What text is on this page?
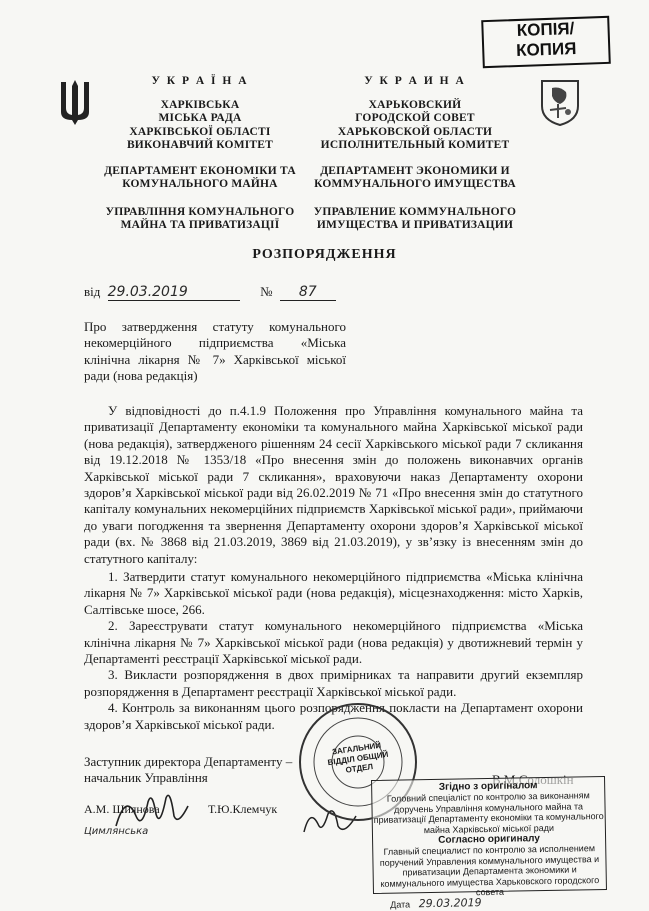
КОПІЯ/
КОПИЯ
У К Р А Ї Н А
ХАРКІВСЬКА
МІСЬКА РАДА
ХАРКІВСЬКОЇ ОБЛАСТІ
ВИКОНАВЧИЙ КОМІТЕТ
ДЕПАРТАМЕНТ ЕКОНОМІКИ ТА
КОМУНАЛЬНОГО МАЙНА
УПРАВЛІННЯ КОМУНАЛЬНОГО
МАЙНА ТА ПРИВАТИЗАЦІЇ
У К Р А И Н А
ХАРЬКОВСКИЙ
ГОРОДСКОЙ СОВЕТ
ХАРЬКОВСКОЙ ОБЛАСТИ
ИСПОЛНИТЕЛЬНЫЙ КОМИТЕТ
ДЕПАРТАМЕНТ ЭКОНОМИКИ И
КОММУНАЛЬНОГО ИМУЩЕСТВА
УПРАВЛЕНИЕ КОММУНАЛЬНОГО
ИМУЩЕСТВА И ПРИВАТИЗАЦИИ
РОЗПОРЯДЖЕННЯ
від 29.03.2019	№ 87
Про затвердження статуту комунального некомерційного підприємства «Міська клінічна лікарня № 7» Харківської міської ради (нова редакція)
У відповідності до п.4.1.9 Положення про Управління комунального майна та приватизації Департаменту економіки та комунального майна Харківської міської ради (нова редакція), затвердженого рішенням 24 сесії Харківського міської ради 7 скликання від 19.12.2018 № 1353/18 «Про внесення змін до положень виконавчих органів Харківської міської ради 7 скликання», враховуючи наказ Департаменту охорони здоров’я Харківської міської ради від 26.02.2019 № 71 «Про внесення змін до статутного капіталу комунальних некомерційних підприємств Харківської міської ради», приймаючи до уваги погодження та звернення Департаменту охорони здоров’я Харківської міської ради (вх. № 3868 від 21.03.2019, 3869 від 21.03.2019), у зв’язку із внесенням змін до статутного капіталу:
1. Затвердити статут комунального некомерційного підприємства «Міська клінічна лікарня № 7» Харківської міської ради (нова редакція), місцезнаходження: місто Харків, Салтівське шосе, 266.
2. Зареєструвати статут комунального некомерційного підприємства «Міська клінічна лікарня № 7» Харківської міської ради (нова редакція) у двотижневий термін у Департаменті реєстрації Харківської міської ради.
3. Викласти розпорядження в двох примірниках та направити другий екземпляр розпорядження в Департамент реєстрації Харківської міської ради.
4. Контроль за виконанням цього розпорядження покласти на Департамент охорони здоров’я Харківської міської ради.
Заступник директора Департаменту –
начальник Управління
А.М. Шиянова	Т.Ю.Клемчук
Цимлянська
ЗАГАЛЬНИЙ ВІДДІЛ ОБЩИЙ ОТДЕЛ
Згідно з оригіналом
Головний спеціаліст по контролю за виконанням доручень Управління комунального майна та приватизації Департаменту економіки та комунального майна Харківської міської ради
Согласно оригиналу
Главный специалист по контролю за исполнением поручений Управления коммунального имущества и приватизации Департамента экономики и коммунального имущества Харьковского городского совета
Дата 29.03.2019
